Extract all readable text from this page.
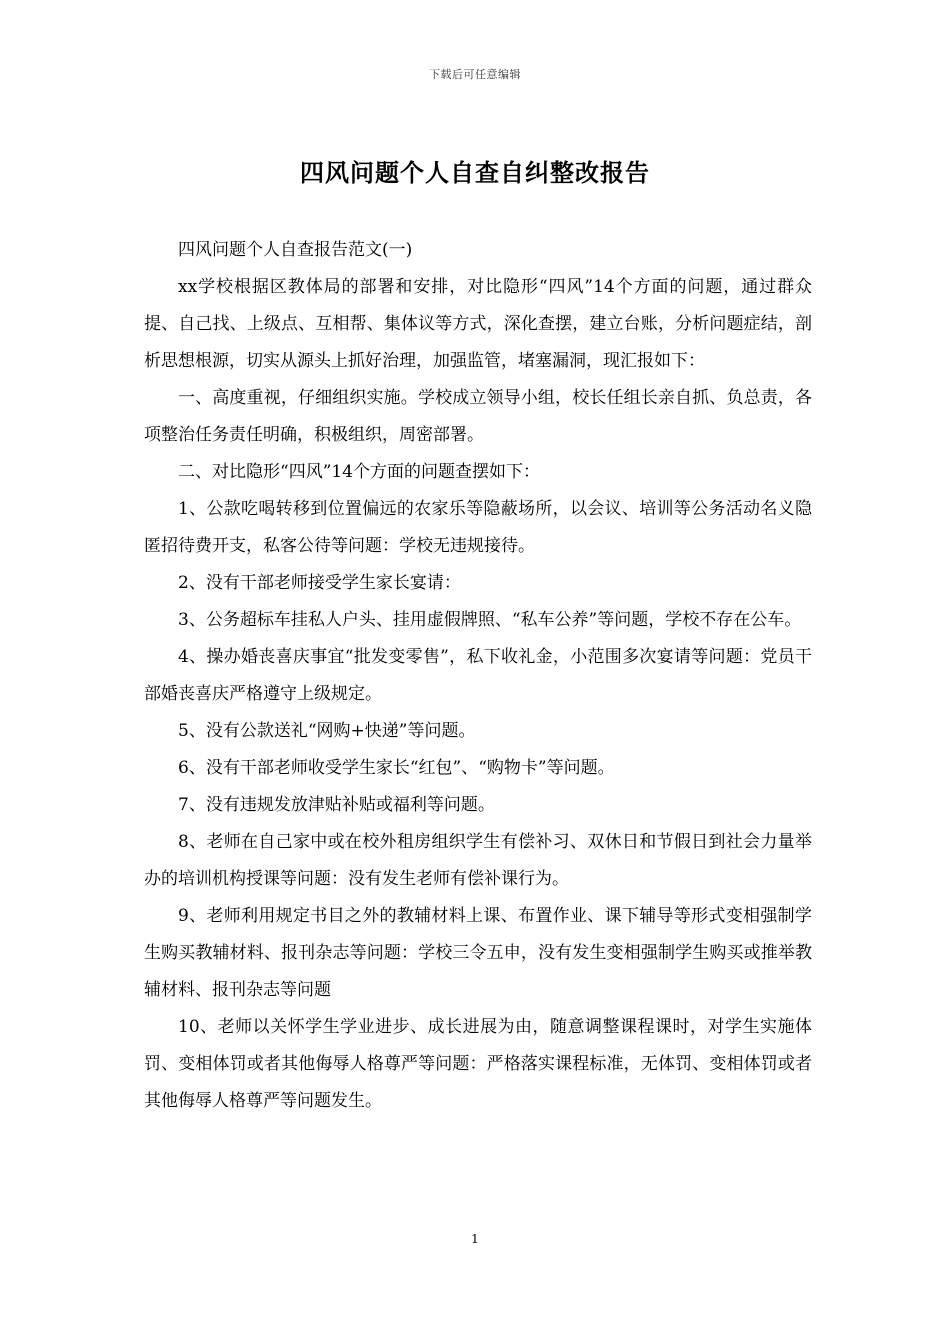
下载后可任意编辑
四风问题个人自查自纠整改报告

四风问题个人自查报告范文(一)

xx学校根据区教体局的部署和安排，对比隐形“四风”14个方面的问题，通过群众提、自己找、上级点、互相帮、集体议等方式，深化查摆，建立台账，分析问题症结，剖析思想根源，切实从源头上抓好治理，加强监管，堵塞漏洞，现汇报如下：

一、高度重视，仔细组织实施。学校成立领导小组，校长任组长亲自抓、负总责，各项整治任务责任明确，积极组织，周密部署。

二、对比隐形“四风”14个方面的问题查摆如下：

1、公款吃喝转移到位置偏远的农家乐等隐蔽场所，以会议、培训等公务活动名义隐匿招待费开支，私客公待等问题：学校无违规接待。

2、没有干部老师接受学生家长宴请：

3、公务超标车挂私人户头、挂用虚假牌照、“私车公养”等问题，学校不存在公车。

4、操办婚丧喜庆事宜“批发变零售”，私下收礼金，小范围多次宴请等问题：党员干部婚丧喜庆严格遵守上级规定。

5、没有公款送礼“网购+快递”等问题。

6、没有干部老师收受学生家长“红包”、“购物卡”等问题。

7、没有违规发放津贴补贴或福利等问题。

8、老师在自己家中或在校外租房组织学生有偿补习、双休日和节假日到社会力量举办的培训机构授课等问题：没有发生老师有偿补课行为。

9、老师利用规定书目之外的教辅材料上课、布置作业、课下辅导等形式变相强制学生购买教辅材料、报刊杂志等问题：学校三令五申，没有发生变相强制学生购买或推举教辅材料、报刊杂志等问题

10、老师以关怀学生学业进步、成长进展为由，随意调整课程课时，对学生实施体罚、变相体罚或者其他侮辱人格尊严等问题：严格落实课程标准，无体罚、变相体罚或者其他侮辱人格尊严等问题发生。

1
